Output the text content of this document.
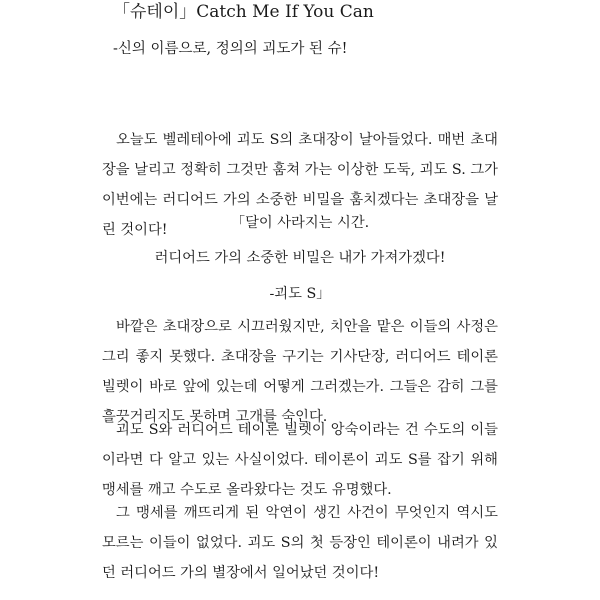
「슈테이」Catch Me If You Can
-신의 이름으로, 정의의 괴도가 된 슈!

오늘도 벨레테아에 괴도 S의 초대장이 날아들었다. 매번 초대장을 날리고 정확히 그것만 훔쳐 가는 이상한 도둑, 괴도 S. 그가 이번에는 러디어드 가의 소중한 비밀을 훔치겠다는 초대장을 날린 것이다!	「달이 사라지는 시간.
러디어드 가의 소중한 비밀은 내가 가져가겠다!
-괴도 S」

바깥은 초대장으로 시끄러웠지만, 치안을 맡은 이들의 사정은 그리 좋지 못했다. 초대장을 구기는 기사단장, 러디어드 테이론 빌렛이 바로 앞에 있는데 어떻게 그러겠는가. 그들은 감히 그를 흘끗거리지도 못하며 고개를 숙인다.

괴도 S와 러디어드 테이론 빌렛이 앙숙이라는 건 수도의 이들이라면 다 알고 있는 사실이었다. 테이론이 괴도 S를 잡기 위해 맹세를 깨고 수도로 올라왔다는 것도 유명했다.

그 맹세를 깨뜨리게 된 악연이 생긴 사건이 무엇인지 역시도 모르는 이들이 없었다. 괴도 S의 첫 등장인 테이론이 내려가 있던 러디어드 가의 별장에서 일어났던 것이다!
